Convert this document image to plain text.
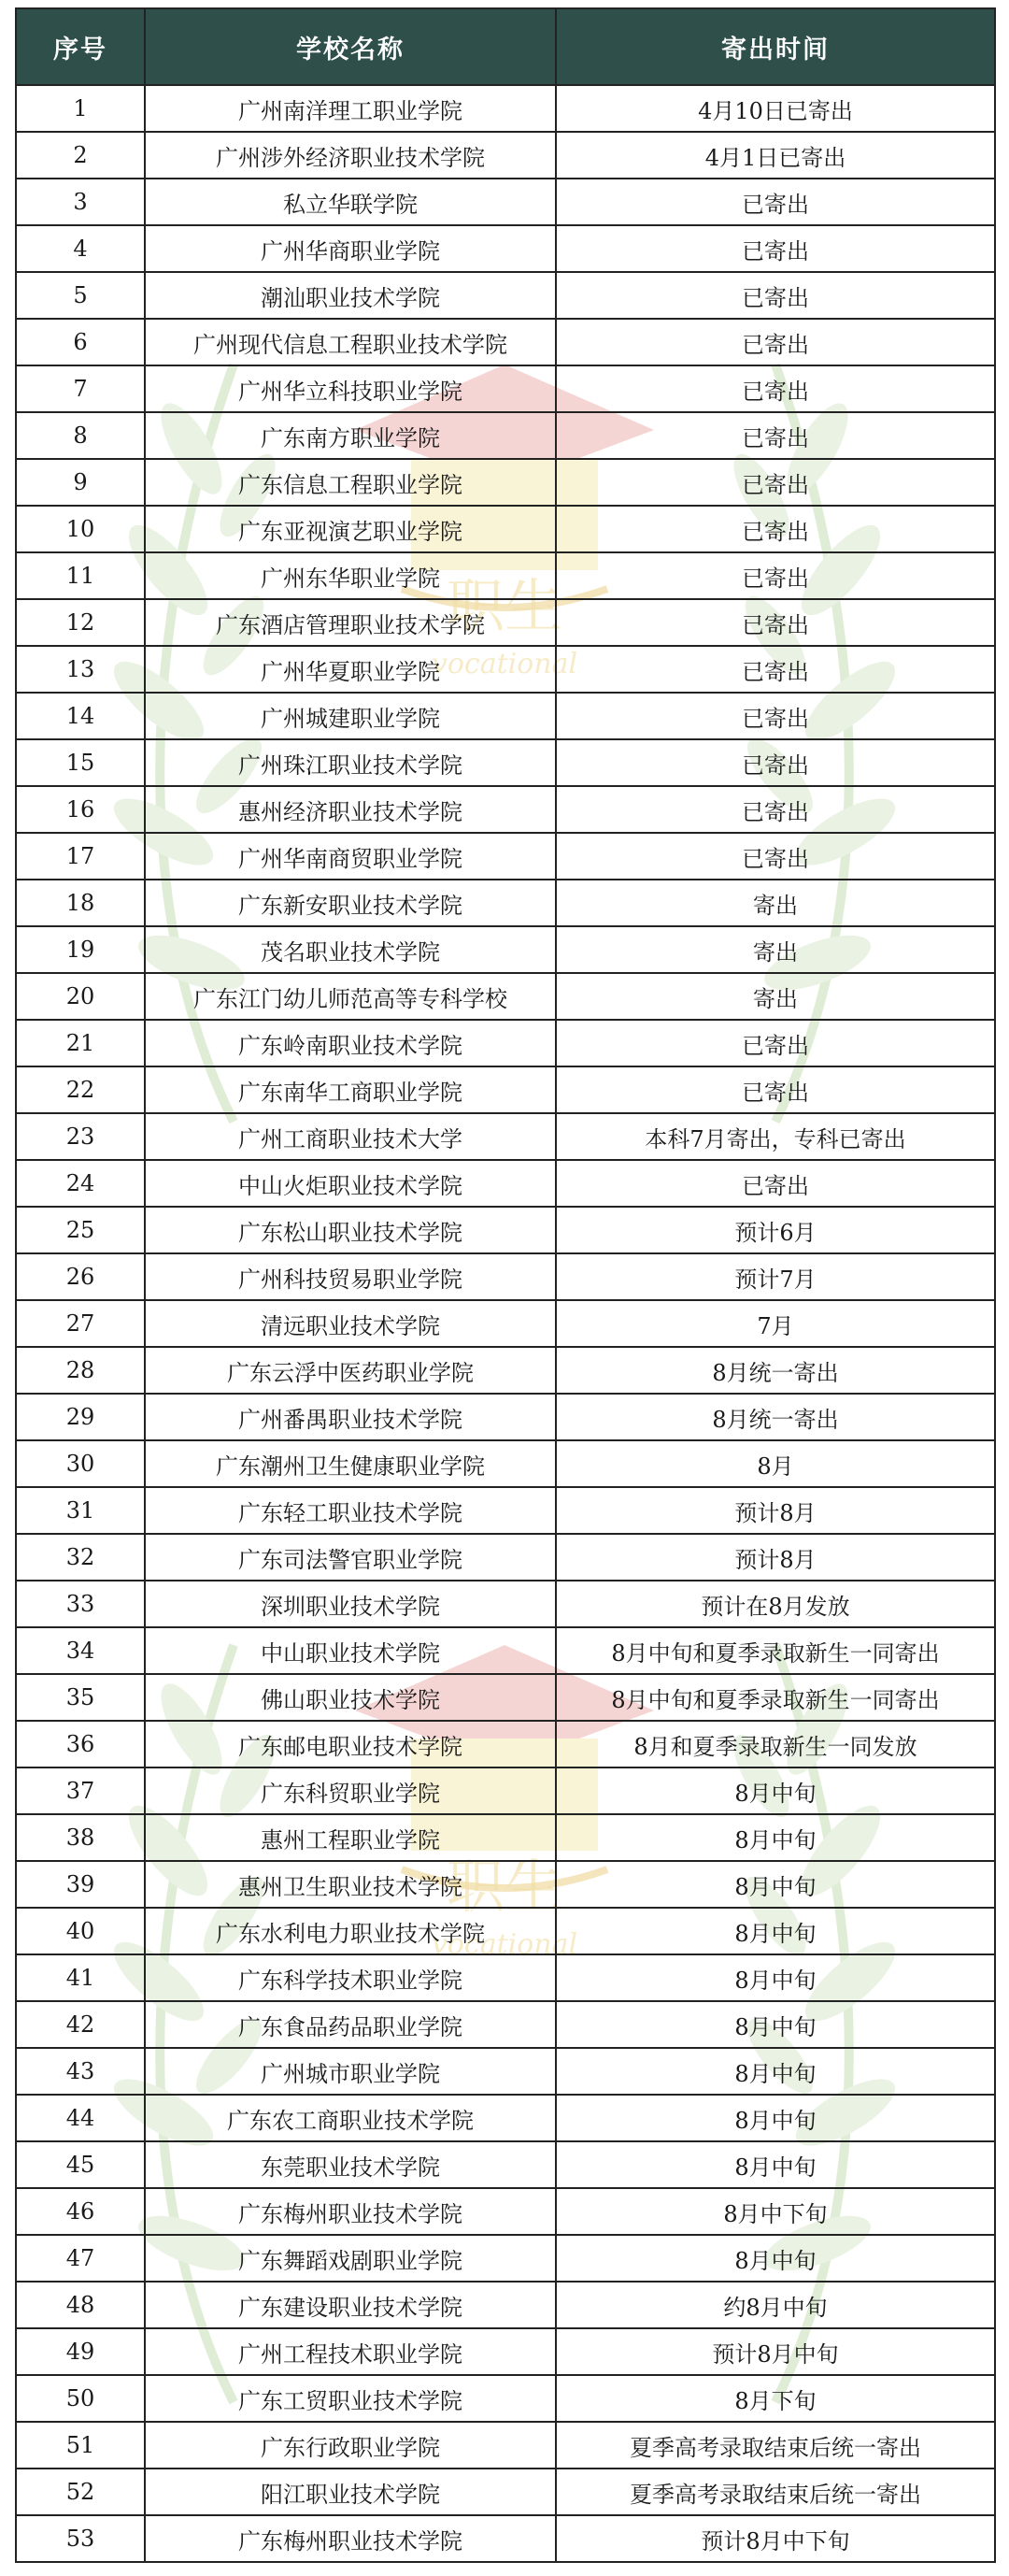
职生
vocational
职生
vocational
序号	学校名称	寄出时间
1	广州南洋理工职业学院	4月10日已寄出
2	广州涉外经济职业技术学院	4月1日已寄出
3	私立华联学院	已寄出
4	广州华商职业学院	已寄出
5	潮汕职业技术学院	已寄出
6	广州现代信息工程职业技术学院	已寄出
7	广州华立科技职业学院	已寄出
8	广东南方职业学院	已寄出
9	广东信息工程职业学院	已寄出
10	广东亚视演艺职业学院	已寄出
11	广州东华职业学院	已寄出
12	广东酒店管理职业技术学院	已寄出
13	广州华夏职业学院	已寄出
14	广州城建职业学院	已寄出
15	广州珠江职业技术学院	已寄出
16	惠州经济职业技术学院	已寄出
17	广州华南商贸职业学院	已寄出
18	广东新安职业技术学院	寄出
19	茂名职业技术学院	寄出
20	广东江门幼儿师范高等专科学校	寄出
21	广东岭南职业技术学院	已寄出
22	广东南华工商职业学院	已寄出
23	广州工商职业技术大学	本科7月寄出，专科已寄出
24	中山火炬职业技术学院	已寄出
25	广东松山职业技术学院	预计6月
26	广州科技贸易职业学院	预计7月
27	清远职业技术学院	7月
28	广东云浮中医药职业学院	8月统一寄出
29	广州番禺职业技术学院	8月统一寄出
30	广东潮州卫生健康职业学院	8月
31	广东轻工职业技术学院	预计8月
32	广东司法警官职业学院	预计8月
33	深圳职业技术学院	预计在8月发放
34	中山职业技术学院	8月中旬和夏季录取新生一同寄出
35	佛山职业技术学院	8月中旬和夏季录取新生一同寄出
36	广东邮电职业技术学院	8月和夏季录取新生一同发放
37	广东科贸职业学院	8月中旬
38	惠州工程职业学院	8月中旬
39	惠州卫生职业技术学院	8月中旬
40	广东水利电力职业技术学院	8月中旬
41	广东科学技术职业学院	8月中旬
42	广东食品药品职业学院	8月中旬
43	广州城市职业学院	8月中旬
44	广东农工商职业技术学院	8月中旬
45	东莞职业技术学院	8月中旬
46	广东梅州职业技术学院	8月中下旬
47	广东舞蹈戏剧职业学院	8月中旬
48	广东建设职业技术学院	约8月中旬
49	广州工程技术职业学院	预计8月中旬
50	广东工贸职业技术学院	8月下旬
51	广东行政职业学院	夏季高考录取结束后统一寄出
52	阳江职业技术学院	夏季高考录取结束后统一寄出
53	广东梅州职业技术学院	预计8月中下旬
